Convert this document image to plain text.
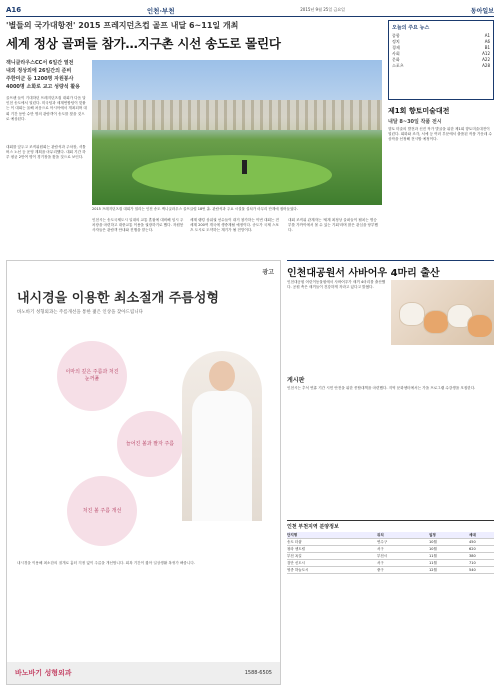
A16	인천·부천	2015년 9월 25일 금요일	동아일보
'별들의 국가대항전' 2015 프레지던츠컵 골프 내달 6~11일 개최
세계 정상 골퍼들 참가…지구촌 시선 송도로 몰린다
잭니클라우스CC서 6일간 열전
내외 정상외에 26일간의 준비
주한미군 등 1200명 자원봉사
4000명 소화로 교고 성량석 활용
골프팬 들이 기대하던 프레지던츠컵 대회가 다음 달 인천 송도에서 열린다. 미국팀과 세계연합팀이 맞붙는 이 대회는 올해 처음으로 아시아에서 개최되며 대회 기간 동안 수만 명의 관람객이 송도를 찾을 것으로 예상된다.
2015 프레지던츠컵 대회가 열리는 인천 송도 잭니클라우스 골프클럽 18번 홀. 관람석과 주요 시설물 설치가 마무리 단계에 접어들었다.
대회를 앞두고 조직위원회는 관람석과 주차장, 셔틀버스 노선 등 운영 계획을 마무리했다. 대회 기간 하루 평균 2만여 명이 경기장을 찾을 것으로 보인다.
인천시는 송도국제도시 일대의 교통 혼잡에 대비해 임시 주차장을 마련하고 대중교통 이용을 권장하기로 했다. 자원봉사자들은 관람객 안내와 진행을 맡는다.
세계 랭킹 상위권 선수들이 대거 참가하는 이번 대회는 전 세계 200여 개국에 생중계될 예정이다. 송도가 국제 스포츠 도시로 도약하는 계기가 될 전망이다.
대회 조직위 관계자는 '세계 최정상 골퍼들이 펼치는 명승부를 가까이에서 볼 수 있는 기회'라며 많은 관심을 당부했다.
오늘의 주요 뉴스
종합	A1
정치	A6
경제	B1
사회	A12
문화	A22
스포츠	A28
제1회 향토미술대전
내달 8~30일 작품 전시
향토 미술의 발전과 신진 작가 발굴을 위한 제1회 향토미술대전이 열린다. 회화와 조각, 서예 등 여러 부문에서 출품된 작품 가운데 수상작을 선정해 전시할 예정이다.
광고
내시경을 이용한 최소절개 주름성형
바노바기 성형외과는 주름개선을 통한 젊은 인상을 찾아드립니다
이마의 깊은 주름과 처진 눈꺼풀
늘어진 볼과 팔자 주름
처진 볼 주름 개선
내시경을 이용해 최소한의 절개로 흉터 걱정 없이 주름을 개선합니다. 회복 기간이 짧아 일상생활 복귀가 빠릅니다.
바노바기 성형외과	1588-6505
인천대공원서 사바어우 4마리 출산
인천대공원 어린이동물원에서 사바어우가 새끼 4마리를 출산했다. 공원 측은 새끼들이 건강하게 자라고 있다고 밝혔다.
게시판
인천시는 추석 연휴 기간 시민 안전을 위한 종합대책을 마련했다. 지역 문화센터에서는 가을 프로그램 수강생을 모집한다.
인천 부천지역 분양정보
단지명	위치	일정	세대
송도 더샵	연수구	10월	450
청라 센트럴	서구	10월	620
부천 옥길	부천시	11월	380
검단 신도시	서구	11월	710
영종 하늘도시	중구	12월	540
